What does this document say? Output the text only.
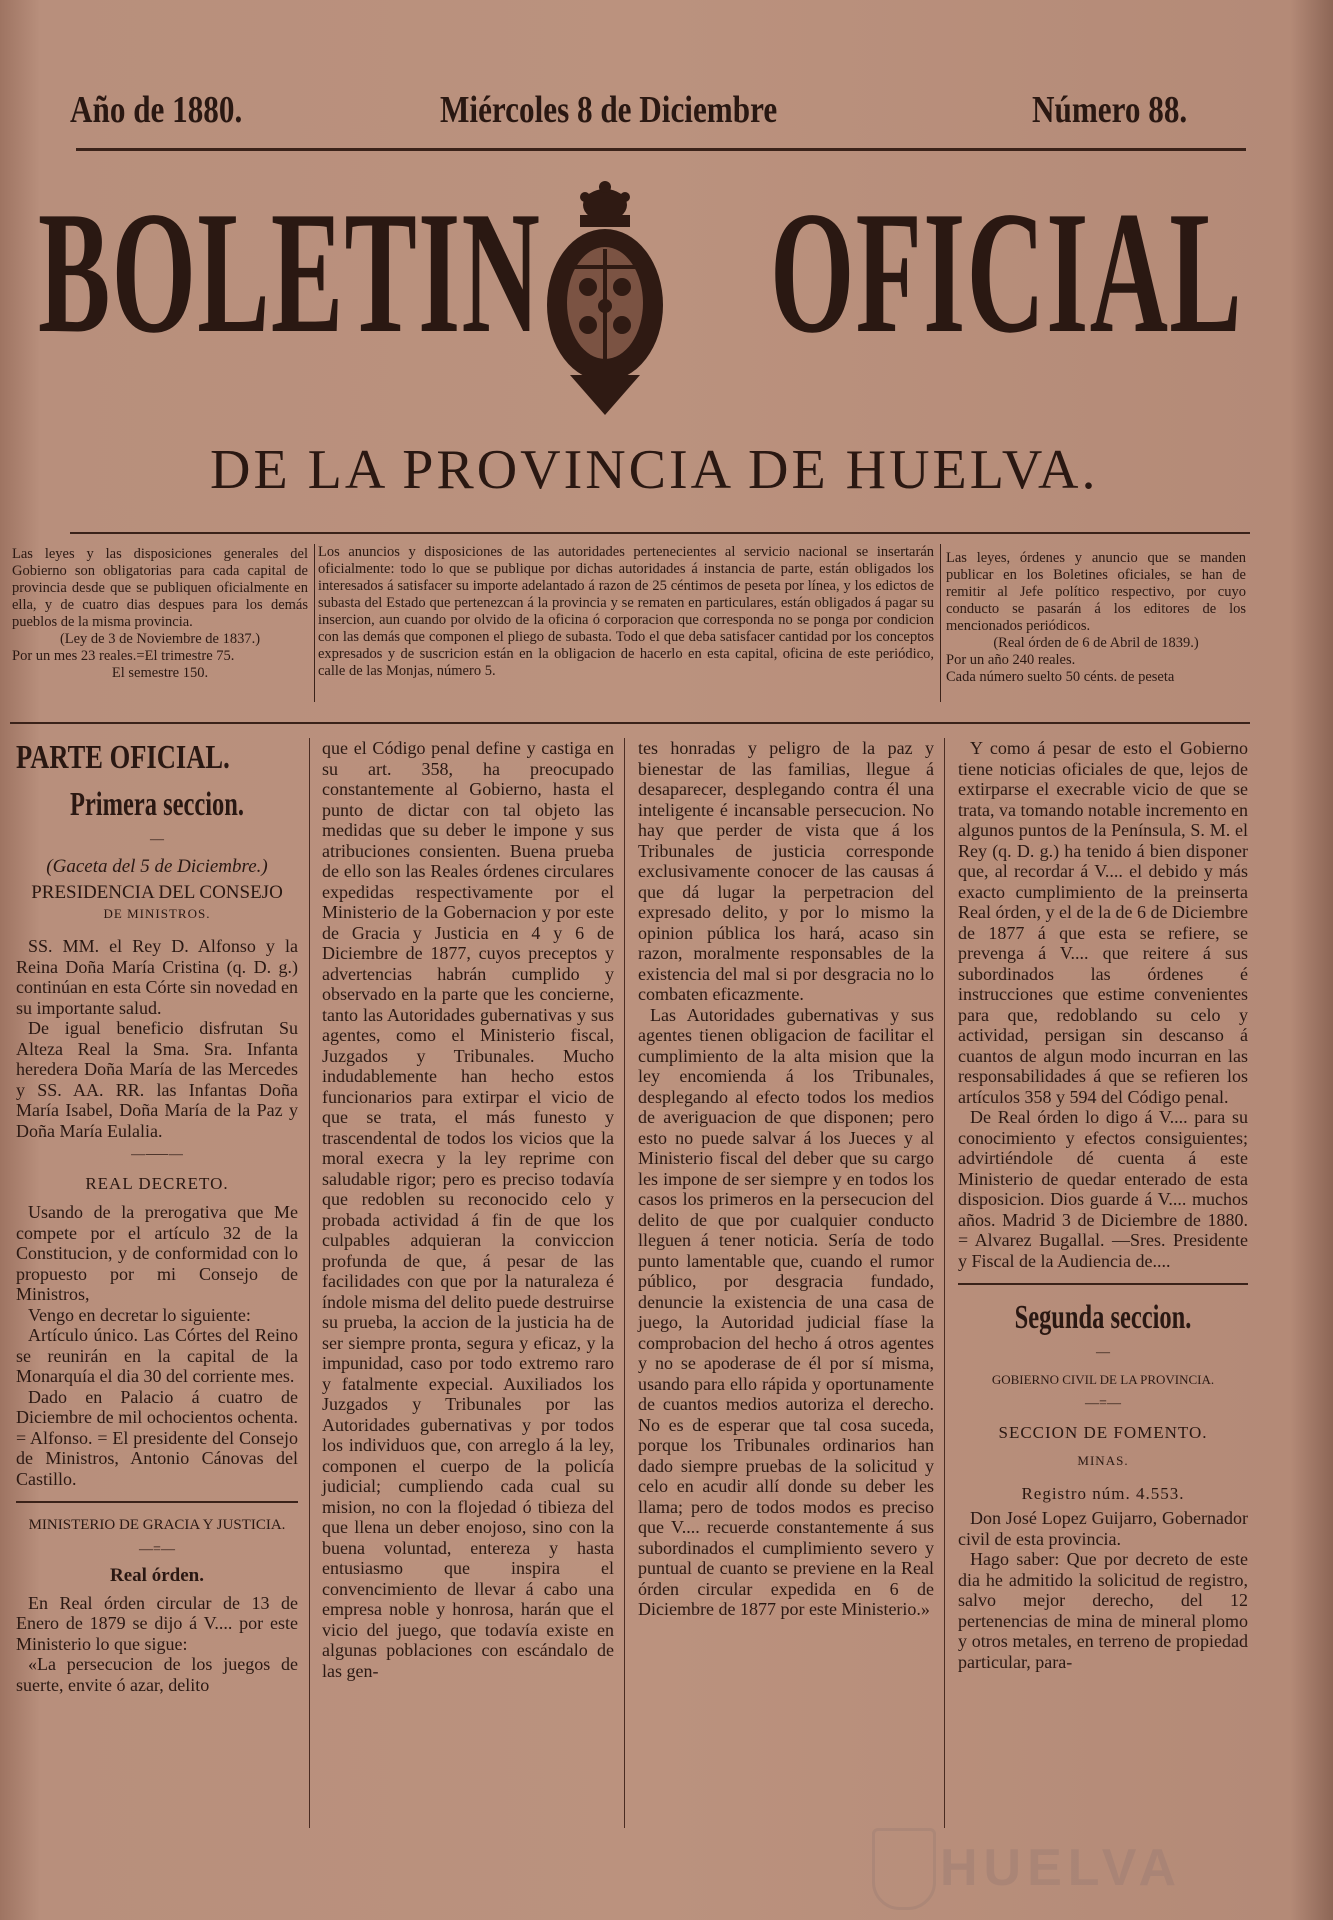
Año de 1880.	Miércoles 8 de Diciembre	Número 88.
BOLETIN OFICIAL
DE LA PROVINCIA DE HUELVA.

Las leyes y las disposiciones generales del Gobierno son obligatorias para cada capital de provincia desde que se publiquen oficialmente en ella, y de cuatro dias despues para los demás pueblos de la misma provincia.

(Ley de 3 de Noviembre de 1837.)

Por un mes 23 reales.=El trimestre 75.

El semestre 150.

Los anuncios y disposiciones de las autoridades pertenecientes al servicio nacional se insertarán oficialmente: todo lo que se publique por dichas autoridades á instancia de parte, están obligados los interesados á satisfacer su importe adelantado á razon de 25 céntimos de peseta por línea, y los edictos de subasta del Estado que pertenezcan á la provincia y se rematen en particulares, están obligados á pagar su insercion, aun cuando por olvido de la oficina ó corporacion que corresponda no se ponga por condicion con las demás que componen el pliego de subasta. Todo el que deba satisfacer cantidad por los conceptos expresados y de suscricion están en la obligacion de hacerlo en esta capital, oficina de este periódico, calle de las Monjas, número 5.

Las leyes, órdenes y anuncio que se manden publicar en los Boletines oficiales, se han de remitir al Jefe político respectivo, por cuyo conducto se pasarán á los editores de los mencionados periódicos.

(Real órden de 6 de Abril de 1839.)

Por un año 240 reales.

Cada número suelto 50 cénts. de peseta

PARTE OFICIAL.
Primera seccion.
—
(Gaceta del 5 de Diciembre.)
PRESIDENCIA DEL CONSEJO
DE MINISTROS.

SS. MM. el Rey D. Alfonso y la Reina Doña María Cristina (q. D. g.) continúan en esta Córte sin novedad en su importante salud.

De igual beneficio disfrutan Su Alteza Real la Sma. Sra. Infanta heredera Doña María de las Mercedes y SS. AA. RR. las Infantas Doña María Isabel, Doña María de la Paz y Doña María Eulalia.

—⸺—
REAL DECRETO.

Usando de la prerogativa que Me compete por el artículo 32 de la Constitucion, y de conformidad con lo propuesto por mi Consejo de Ministros,

Vengo en decretar lo siguiente:

Artículo único. Las Córtes del Reino se reunirán en la capital de la Monarquía el dia 30 del corriente mes.

Dado en Palacio á cuatro de Diciembre de mil ochocientos ochenta. = Alfonso. = El presidente del Consejo de Ministros, Antonio Cánovas del Castillo.

MINISTERIO DE GRACIA Y JUSTICIA.
—=—
Real órden.

En Real órden circular de 13 de Enero de 1879 se dijo á V.... por este Ministerio lo que sigue:

«La persecucion de los juegos de suerte, envite ó azar, delito

que el Código penal define y castiga en su art. 358, ha preocupado constantemente al Gobierno, hasta el punto de dictar con tal objeto las medidas que su deber le impone y sus atribuciones consienten. Buena prueba de ello son las Reales órdenes circulares expedidas respectivamente por el Ministerio de la Gobernacion y por este de Gracia y Justicia en 4 y 6 de Diciembre de 1877, cuyos preceptos y advertencias habrán cumplido y observado en la parte que les concierne, tanto las Autoridades gubernativas y sus agentes, como el Ministerio fiscal, Juzgados y Tribunales. Mucho indudablemente han hecho estos funcionarios para extirpar el vicio de que se trata, el más funesto y trascendental de todos los vicios que la moral execra y la ley reprime con saludable rigor; pero es preciso todavía que redoblen su reconocido celo y probada actividad á fin de que los culpables adquieran la conviccion profunda de que, á pesar de las facilidades con que por la naturaleza é índole misma del delito puede destruirse su prueba, la accion de la justicia ha de ser siempre pronta, segura y eficaz, y la impunidad, caso por todo extremo raro y fatalmente expecial. Auxiliados los Juzgados y Tribunales por las Autoridades gubernativas y por todos los individuos que, con arreglo á la ley, componen el cuerpo de la policía judicial; cumpliendo cada cual su mision, no con la flojedad ó tibieza del que llena un deber enojoso, sino con la buena voluntad, entereza y hasta entusiasmo que inspira el convencimiento de llevar á cabo una empresa noble y honrosa, harán que el vicio del juego, que todavía existe en algunas poblaciones con escándalo de las gen-

tes honradas y peligro de la paz y bienestar de las familias, llegue á desaparecer, desplegando contra él una inteligente é incansable persecucion. No hay que perder de vista que á los Tribunales de justicia corresponde exclusivamente conocer de las causas á que dá lugar la perpetracion del expresado delito, y por lo mismo la opinion pública los hará, acaso sin razon, moralmente responsables de la existencia del mal si por desgracia no lo combaten eficazmente.

Las Autoridades gubernativas y sus agentes tienen obligacion de facilitar el cumplimiento de la alta mision que la ley encomienda á los Tribunales, desplegando al efecto todos los medios de averiguacion de que disponen; pero esto no puede salvar á los Jueces y al Ministerio fiscal del deber que su cargo les impone de ser siempre y en todos los casos los primeros en la persecucion del delito de que por cualquier conducto lleguen á tener noticia. Sería de todo punto lamentable que, cuando el rumor público, por desgracia fundado, denuncie la existencia de una casa de juego, la Autoridad judicial fíase la comprobacion del hecho á otros agentes y no se apoderase de él por sí misma, usando para ello rápida y oportunamente de cuantos medios autoriza el derecho. No es de esperar que tal cosa suceda, porque los Tribunales ordinarios han dado siempre pruebas de la solicitud y celo en acudir allí donde su deber les llama; pero de todos modos es preciso que V.... recuerde constantemente á sus subordinados el cumplimiento severo y puntual de cuanto se previene en la Real órden circular expedida en 6 de Diciembre de 1877 por este Ministerio.»

Y como á pesar de esto el Gobierno tiene noticias oficiales de que, lejos de extirparse el execrable vicio de que se trata, va tomando notable incremento en algunos puntos de la Península, S. M. el Rey (q. D. g.) ha tenido á bien disponer que, al recordar á V.... el debido y más exacto cumplimiento de la preinserta Real órden, y el de la de 6 de Diciembre de 1877 á que esta se refiere, se prevenga á V.... que reitere á sus subordinados las órdenes é instrucciones que estime convenientes para que, redoblando su celo y actividad, persigan sin descanso á cuantos de algun modo incurran en las responsabilidades á que se refieren los artículos 358 y 594 del Código penal.

De Real órden lo digo á V.... para su conocimiento y efectos consiguientes; advirtiéndole dé cuenta á este Ministerio de quedar enterado de esta disposicion. Dios guarde á V.... muchos años. Madrid 3 de Diciembre de 1880. = Alvarez Bugallal. —Sres. Presidente y Fiscal de la Audiencia de....

Segunda seccion.
—
GOBIERNO CIVIL DE LA PROVINCIA.
—=—
SECCION DE FOMENTO.
MINAS.
Registro núm. 4.553.

Don José Lopez Guijarro, Gobernador civil de esta provincia.

Hago saber: Que por decreto de este dia he admitido la solicitud de registro, salvo mejor derecho, del 12 pertenencias de mina de mineral plomo y otros metales, en terreno de propiedad particular, para-

HUELVA
